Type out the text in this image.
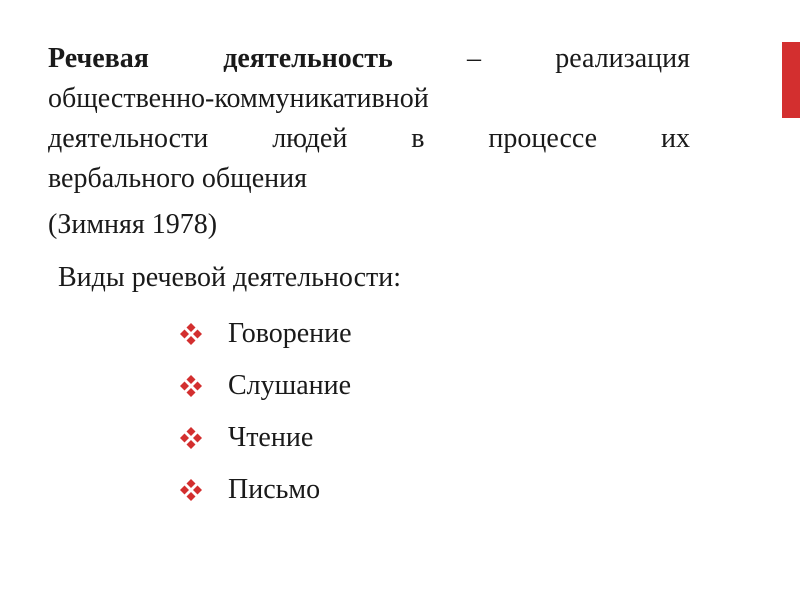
Речевая деятельность – реализация
общественно-коммуникативной
деятельности людей в процессе их
вербального общения
(Зимняя 1978)
Виды речевой деятельности:
Говорение
Слушание
Чтение
Письмо
